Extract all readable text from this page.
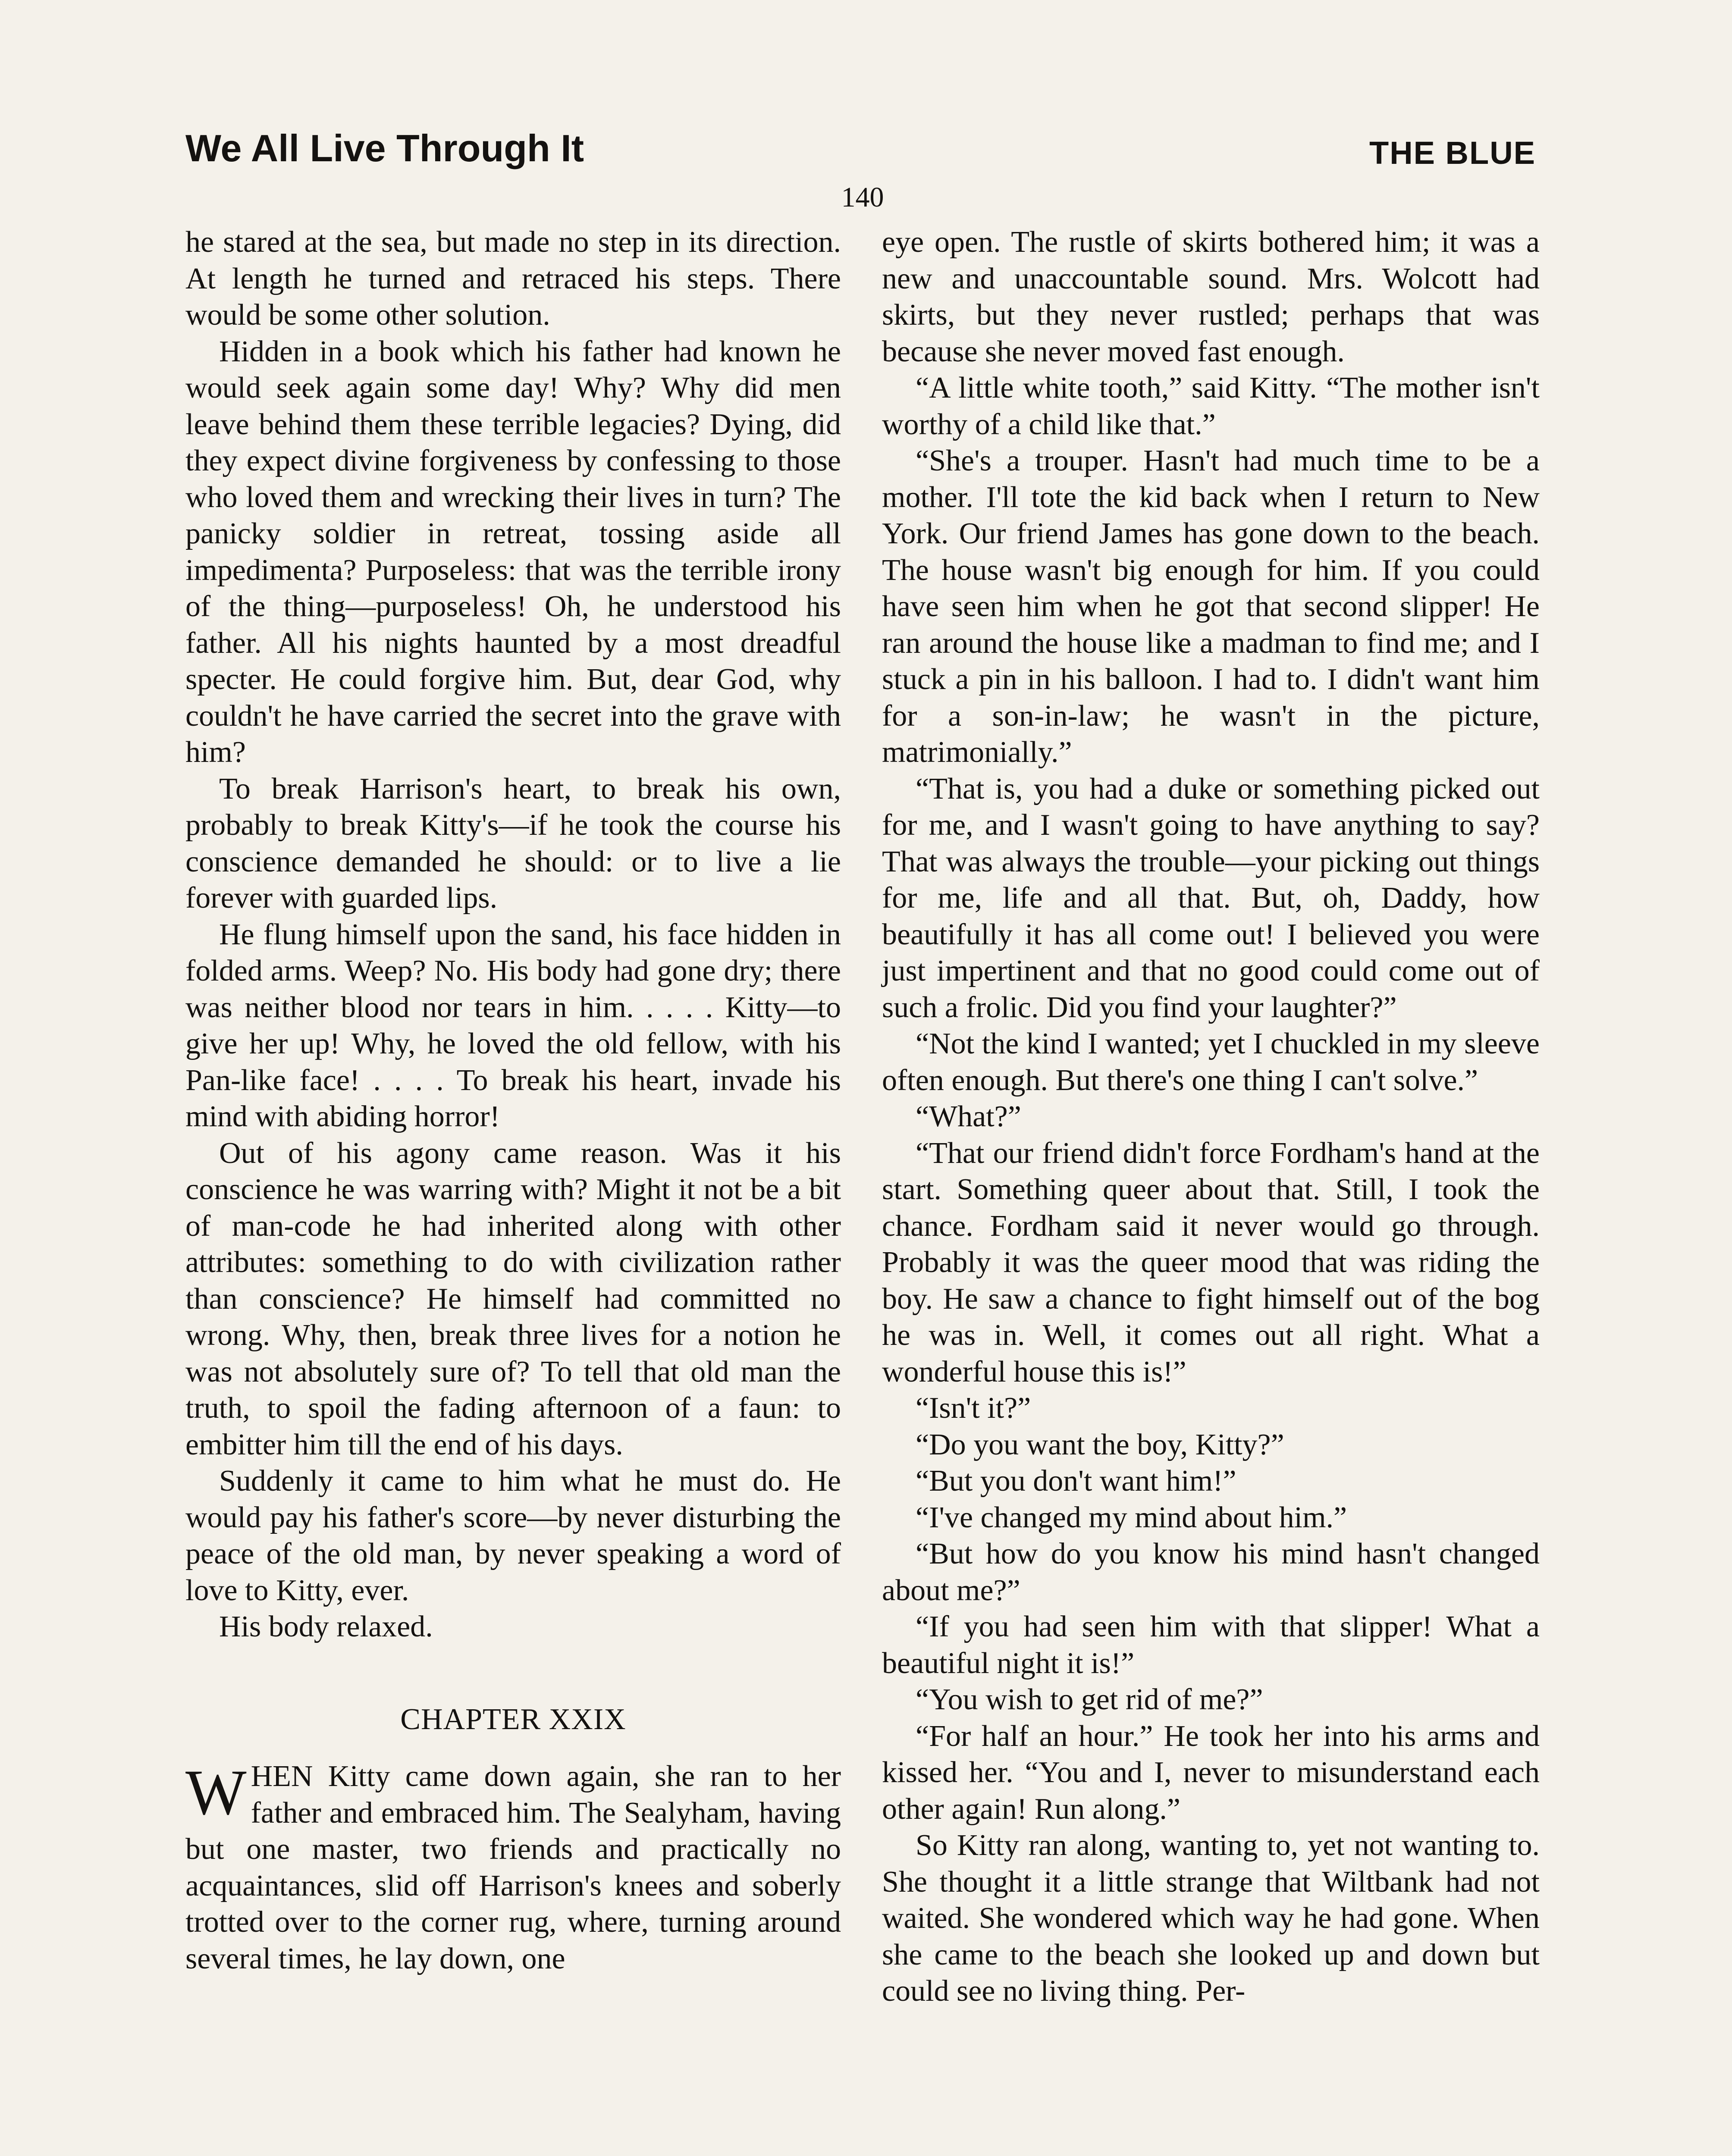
We All Live Through It	THE BLUE
140

he stared at the sea, but made no step in its direction. At length he turned and retraced his steps. There would be some other solution.

Hidden in a book which his father had known he would seek again some day! Why? Why did men leave behind them these terrible legacies? Dying, did they expect divine forgiveness by confessing to those who loved them and wrecking their lives in turn? The panicky soldier in retreat, tossing aside all impedimenta? Purposeless: that was the terrible irony of the thing—purposeless! Oh, he understood his father. All his nights haunted by a most dreadful specter. He could forgive him. But, dear God, why couldn't he have carried the secret into the grave with him?

To break Harrison's heart, to break his own, probably to break Kitty's—if he took the course his conscience demanded he should: or to live a lie forever with guarded lips.

He flung himself upon the sand, his face hidden in folded arms. Weep? No. His body had gone dry; there was neither blood nor tears in him. . . . . Kitty—to give her up! Why, he loved the old fellow, with his Pan-like face! . . . . To break his heart, invade his mind with abiding horror!

Out of his agony came reason. Was it his conscience he was warring with? Might it not be a bit of man-code he had inherited along with other attributes: something to do with civilization rather than conscience? He himself had committed no wrong. Why, then, break three lives for a notion he was not absolutely sure of? To tell that old man the truth, to spoil the fading afternoon of a faun: to embitter him till the end of his days.

Suddenly it came to him what he must do. He would pay his father's score—by never disturbing the peace of the old man, by never speaking a word of love to Kitty, ever.

His body relaxed.

CHAPTER XXIX

WHEN Kitty came down again, she ran to her father and embraced him. The Sealyham, having but one master, two friends and practically no acquaintances, slid off Harrison's knees and soberly trotted over to the corner rug, where, turning around several times, he lay down, one

eye open. The rustle of skirts bothered him; it was a new and unaccountable sound. Mrs. Wolcott had skirts, but they never rustled; perhaps that was because she never moved fast enough.

“A little white tooth,” said Kitty. “The mother isn't worthy of a child like that.”

“She's a trouper. Hasn't had much time to be a mother. I'll tote the kid back when I return to New York. Our friend James has gone down to the beach. The house wasn't big enough for him. If you could have seen him when he got that second slipper! He ran around the house like a madman to find me; and I stuck a pin in his balloon. I had to. I didn't want him for a son-in-law; he wasn't in the picture, matrimonially.”

“That is, you had a duke or something picked out for me, and I wasn't going to have anything to say? That was always the trouble—your picking out things for me, life and all that. But, oh, Daddy, how beautifully it has all come out! I believed you were just impertinent and that no good could come out of such a frolic. Did you find your laughter?”

“Not the kind I wanted; yet I chuckled in my sleeve often enough. But there's one thing I can't solve.”

“What?”

“That our friend didn't force Fordham's hand at the start. Something queer about that. Still, I took the chance. Fordham said it never would go through. Probably it was the queer mood that was riding the boy. He saw a chance to fight himself out of the bog he was in. Well, it comes out all right. What a wonderful house this is!”

“Isn't it?”

“Do you want the boy, Kitty?”

“But you don't want him!”

“I've changed my mind about him.”

“But how do you know his mind hasn't changed about me?”

“If you had seen him with that slipper! What a beautiful night it is!”

“You wish to get rid of me?”

“For half an hour.” He took her into his arms and kissed her. “You and I, never to misunderstand each other again! Run along.”

So Kitty ran along, wanting to, yet not wanting to. She thought it a little strange that Wiltbank had not waited. She wondered which way he had gone. When she came to the beach she looked up and down but could see no living thing. Per-
